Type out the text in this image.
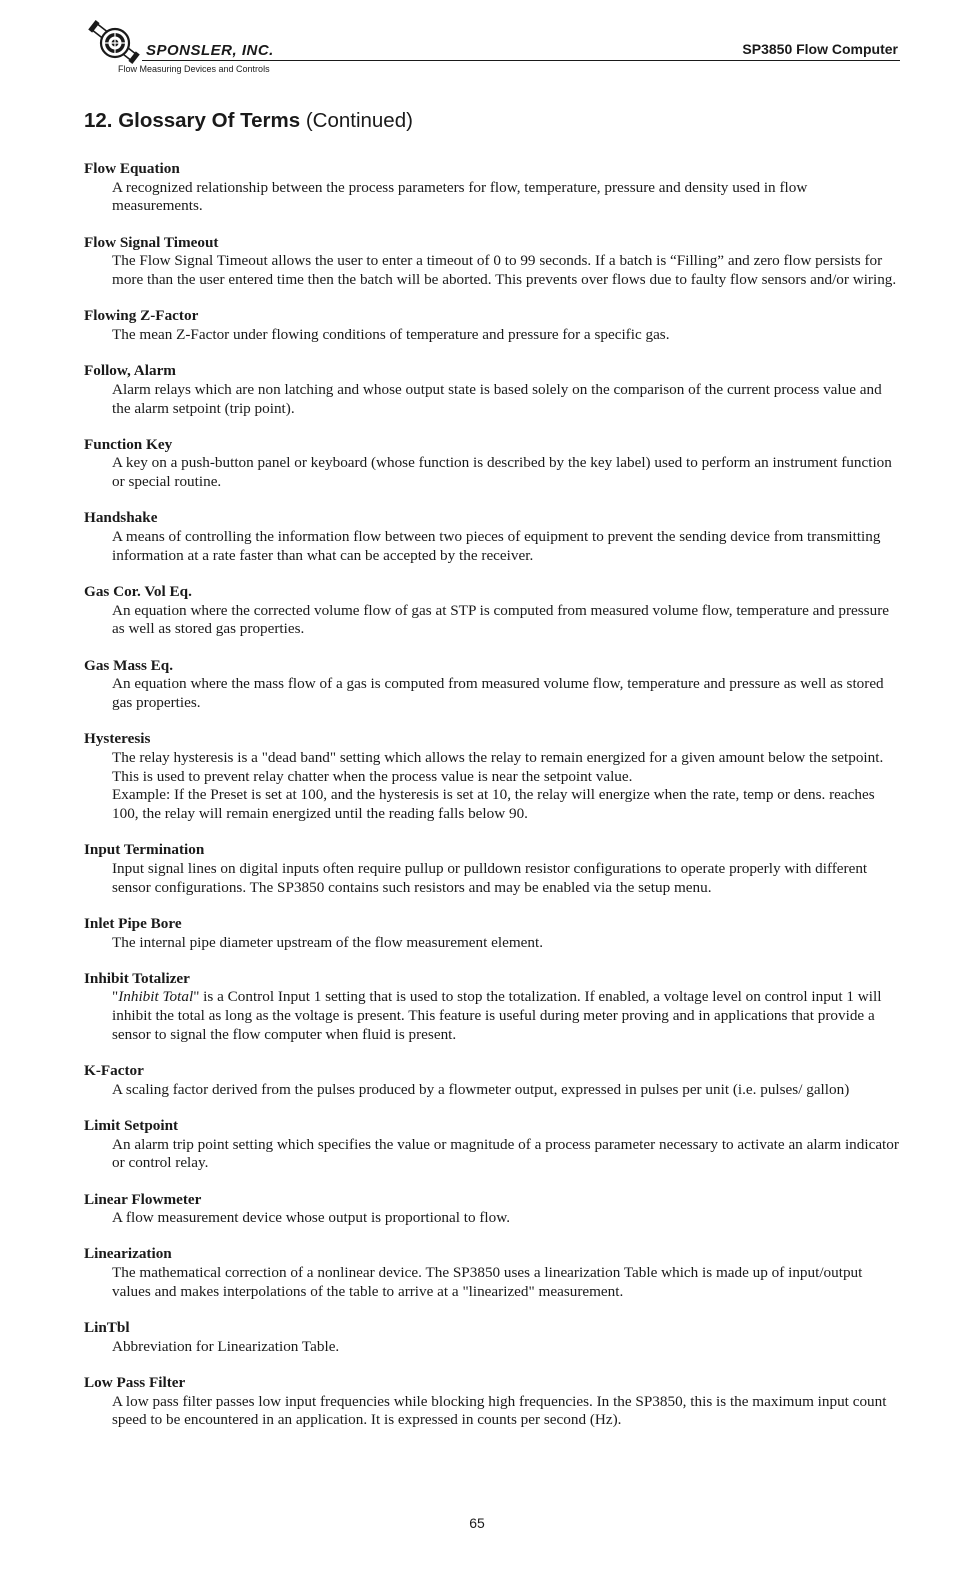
SPONSLER, INC.
Flow Measuring Devices and Controls
SP3850 Flow Computer
12. Glossary Of Terms (Continued)

Flow Equation

A recognized relationship between the process parameters for flow, temperature, pressure and density used in flow measurements.

Flow Signal Timeout

The Flow Signal Timeout allows the user to enter a timeout of 0 to 99 seconds. If a batch is “Filling” and zero flow persists for more than the user entered time then the batch will be aborted. This prevents over flows due to faulty flow sensors and/or wiring.

Flowing Z-Factor

The mean Z-Factor under flowing conditions of temperature and pressure for a specific gas.

Follow, Alarm

Alarm relays which are non latching and whose output state is based solely on the comparison of the current process value and the alarm setpoint (trip point).

Function Key

A key on a push-button panel or keyboard (whose function is described by the key label) used to perform an instrument function or special routine.

Handshake

A means of controlling the information flow between two pieces of equipment to prevent the sending device from transmitting information at a rate faster than what can be accepted by the receiver.

Gas Cor. Vol Eq.

An equation where the corrected volume flow of gas at STP is computed from measured volume flow, temperature and pressure as well as stored gas properties.

Gas Mass Eq.

An equation where the mass flow of a gas is computed from measured volume flow, temperature and pressure as well as stored gas properties.

Hysteresis

The relay hysteresis is a "dead band" setting which allows the relay to remain energized for a given amount below the setpoint. This is used to prevent relay chatter when the process value is near the setpoint value.

Example: If the Preset is set at 100, and the hysteresis is set at 10, the relay will energize when the rate, temp or dens. reaches 100, the relay will remain energized until the reading falls below 90.

Input Termination

Input signal lines on digital inputs often require pullup or pulldown resistor configurations to operate properly with different sensor configurations. The SP3850 contains such resistors and may be enabled via the setup menu.

Inlet Pipe Bore

The internal pipe diameter upstream of the flow measurement element.

Inhibit Totalizer

"Inhibit Total" is a Control Input 1 setting that is used to stop the totalization. If enabled, a voltage level on control input 1 will inhibit the total as long as the voltage is present. This feature is useful during meter proving and in applications that provide a sensor to signal the flow computer when fluid is present.

K-Factor

A scaling factor derived from the pulses produced by a flowmeter output, expressed in pulses per unit (i.e. pulses/ gallon)

Limit Setpoint

An alarm trip point setting which specifies the value or magnitude of a process parameter necessary to activate an alarm indicator or control relay.

Linear Flowmeter

A flow measurement device whose output is proportional to flow.

Linearization

The mathematical correction of a nonlinear device. The SP3850 uses a linearization Table which is made up of input/output values and makes interpolations of the table to arrive at a "linearized" measurement.

LinTbl

Abbreviation for Linearization Table.

Low Pass Filter

A low pass filter passes low input frequencies while blocking high frequencies. In the SP3850, this is the maximum input count speed to be encountered in an application. It is expressed in counts per second (Hz).

65
